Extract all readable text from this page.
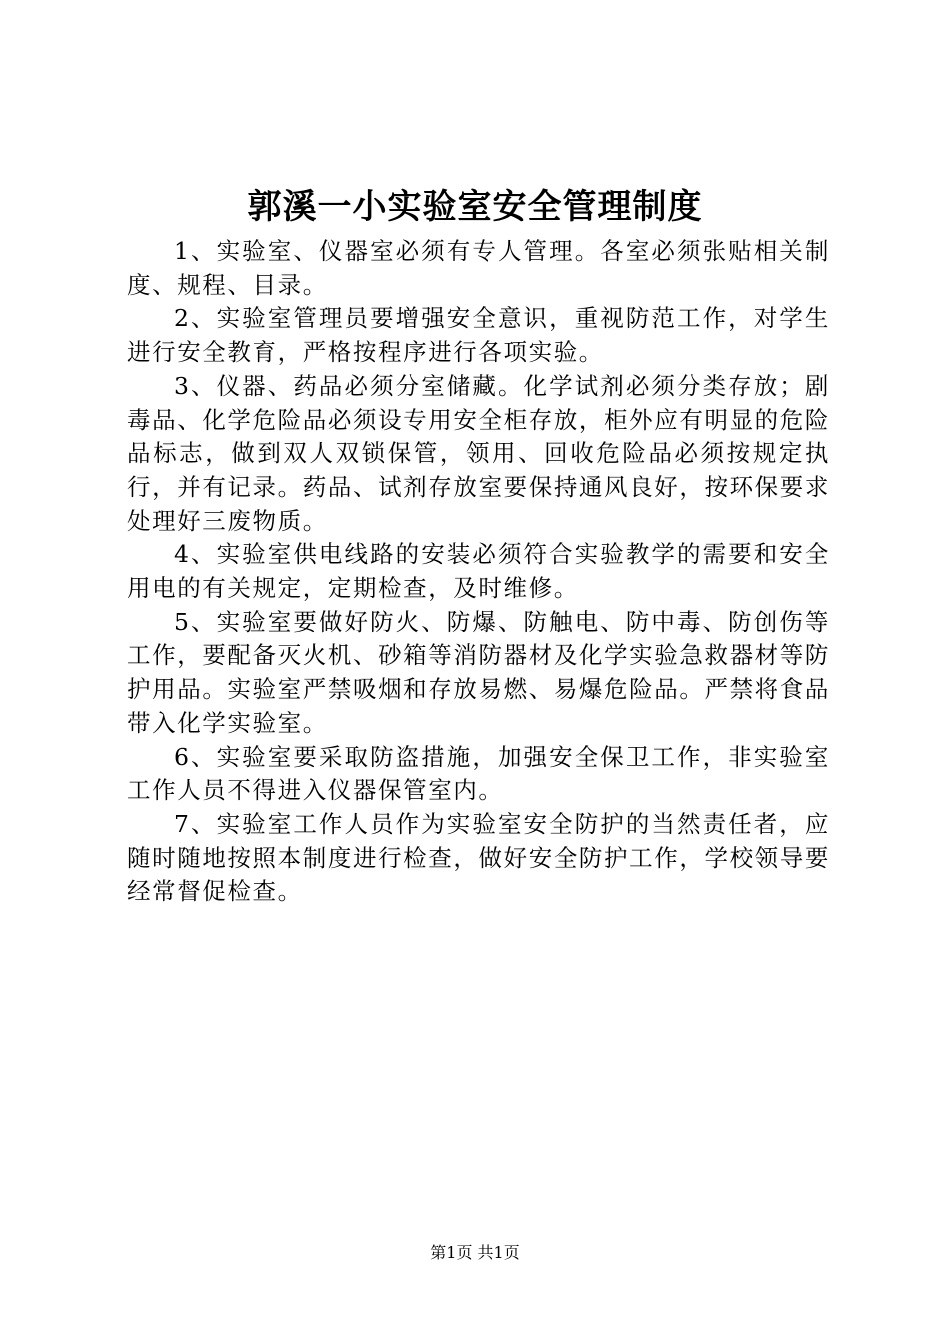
郭溪一小实验室安全管理制度

1、实验室、仪器室必须有专人管理。各室必须张贴相关制度、规程、目录。

2、实验室管理员要增强安全意识，重视防范工作，对学生进行安全教育，严格按程序进行各项实验。

3、仪器、药品必须分室储藏。化学试剂必须分类存放；剧毒品、化学危险品必须设专用安全柜存放，柜外应有明显的危险品标志，做到双人双锁保管，领用、回收危险品必须按规定执行，并有记录。药品、试剂存放室要保持通风良好，按环保要求处理好三废物质。

4、实验室供电线路的安装必须符合实验教学的需要和安全用电的有关规定，定期检查，及时维修。

5、实验室要做好防火、防爆、防触电、防中毒、防创伤等工作，要配备灭火机、砂箱等消防器材及化学实验急救器材等防护用品。实验室严禁吸烟和存放易燃、易爆危险品。严禁将食品带入化学实验室。

6、实验室要采取防盗措施，加强安全保卫工作，非实验室工作人员不得进入仪器保管室内。

7、实验室工作人员作为实验室安全防护的当然责任者，应随时随地按照本制度进行检查，做好安全防护工作，学校领导要经常督促检查。

第1页 共1页
